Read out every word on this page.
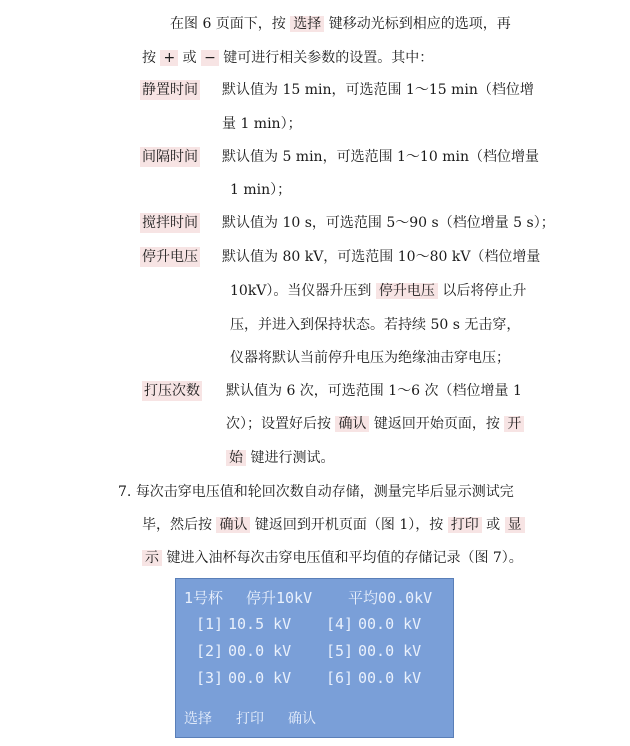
在图 6 页面下，按 选择 键移动光标到相应的选项，再
按 + 或 − 键可进行相关参数的设置。其中：
静置时间 默认值为 15 min，可选范围 1～15 min（档位增
量 1 min）；
间隔时间 默认值为 5 min，可选范围 1～10 min（档位增量
1 min）；
搅拌时间 默认值为 10 s，可选范围 5～90 s（档位增量 5 s）；
停升电压 默认值为 80 kV，可选范围 10～80 kV（档位增量
10kV）。当仪器升压到 停升电压 以后将停止升
压，并进入到保持状态。若持续 50 s 无击穿，
仪器将默认当前停升电压为绝缘油击穿电压；
打压次数 默认值为 6 次，可选范围 1～6 次（档位增量 1
次）；设置好后按 确认 键返回开始页面，按 开
始 键进行测试。
7. 每次击穿电压值和轮回次数自动存储，测量完毕后显示测试完
毕，然后按 确认 键返回到开机页面（图 1），按 打印 或 显
示 键进入油杯每次击穿电压值和平均值的存储记录（图 7）。
1号杯 停升10kV 平均00.0kV
[1] 10.5 kV
[2] 00.0 kV
[3] 00.0 kV
[4] 00.0 kV
[5] 00.0 kV
[6] 00.0 kV
选择 打印 确认
